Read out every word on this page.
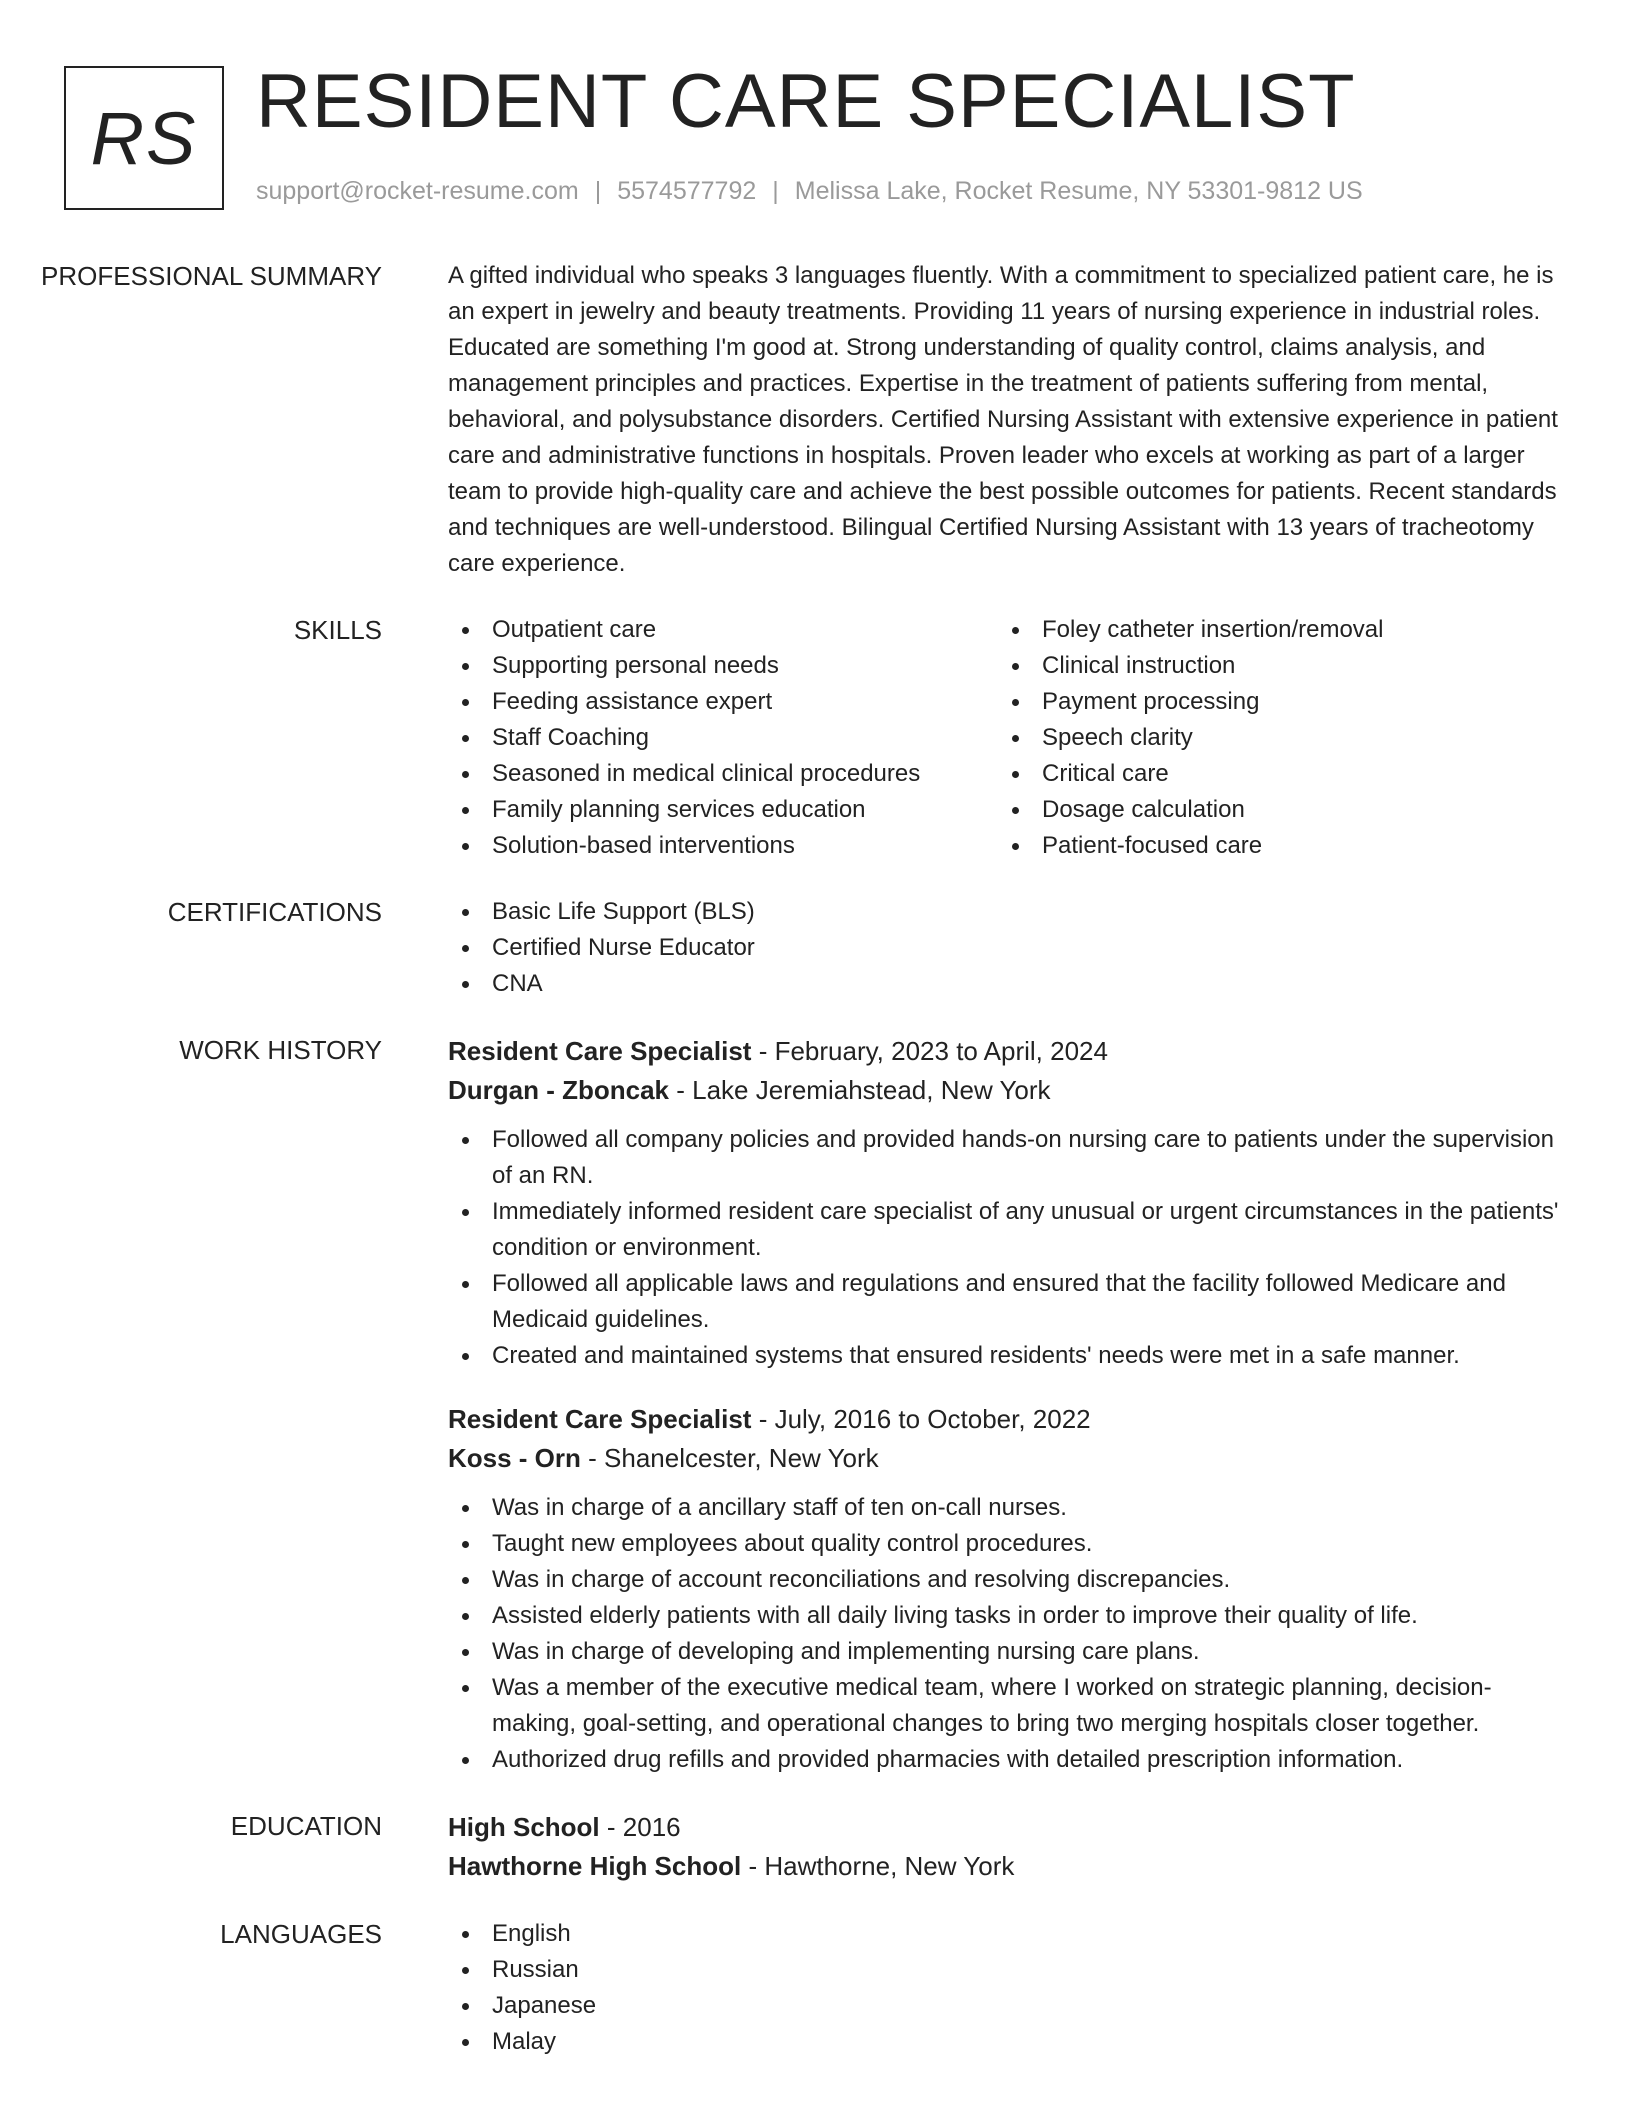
RS RESIDENT CARE SPECIALIST
support@rocket-resume.com | 5574577792 | Melissa Lake, Rocket Resume, NY 53301-9812 US
PROFESSIONAL SUMMARY	A gifted individual who speaks 3 languages fluently. With a commitment to specialized patient care, he is an expert in jewelry and beauty treatments. Providing 11 years of nursing experience in industrial roles. Educated are something I'm good at. Strong understanding of quality control, claims analysis, and management principles and practices. Expertise in the treatment of patients suffering from mental, behavioral, and polysubstance disorders. Certified Nursing Assistant with extensive experience in patient care and administrative functions in hospitals. Proven leader who excels at working as part of a larger team to provide high-quality care and achieve the best possible outcomes for patients. Recent standards and techniques are well-understood. Bilingual Certified Nursing Assistant with 13 years of tracheotomy care experience.
SKILLS	Outpatient care
Supporting personal needs
Feeding assistance expert
Staff Coaching
Seasoned in medical clinical procedures
Family planning services education
Solution-based interventions
Foley catheter insertion/removal
Clinical instruction
Payment processing
Speech clarity
Critical care
Dosage calculation
Patient-focused care
CERTIFICATIONS	Basic Life Support (BLS)
Certified Nurse Educator
CNA
WORK HISTORY	Resident Care Specialist - February, 2023 to April, 2024
Durgan - Zboncak - Lake Jeremiahstead, New York
Followed all company policies and provided hands-on nursing care to patients under the supervision of an RN.
Immediately informed resident care specialist of any unusual or urgent circumstances in the patients' condition or environment.
Followed all applicable laws and regulations and ensured that the facility followed Medicare and Medicaid guidelines.
Created and maintained systems that ensured residents' needs were met in a safe manner.
Resident Care Specialist - July, 2016 to October, 2022
Koss - Orn - Shanelcester, New York
Was in charge of a ancillary staff of ten on-call nurses.
Taught new employees about quality control procedures.
Was in charge of account reconciliations and resolving discrepancies.
Assisted elderly patients with all daily living tasks in order to improve their quality of life.
Was in charge of developing and implementing nursing care plans.
Was a member of the executive medical team, where I worked on strategic planning, decision-making, goal-setting, and operational changes to bring two merging hospitals closer together.
Authorized drug refills and provided pharmacies with detailed prescription information.
EDUCATION	High School - 2016
Hawthorne High School - Hawthorne, New York
LANGUAGES	English
Russian
Japanese
Malay
